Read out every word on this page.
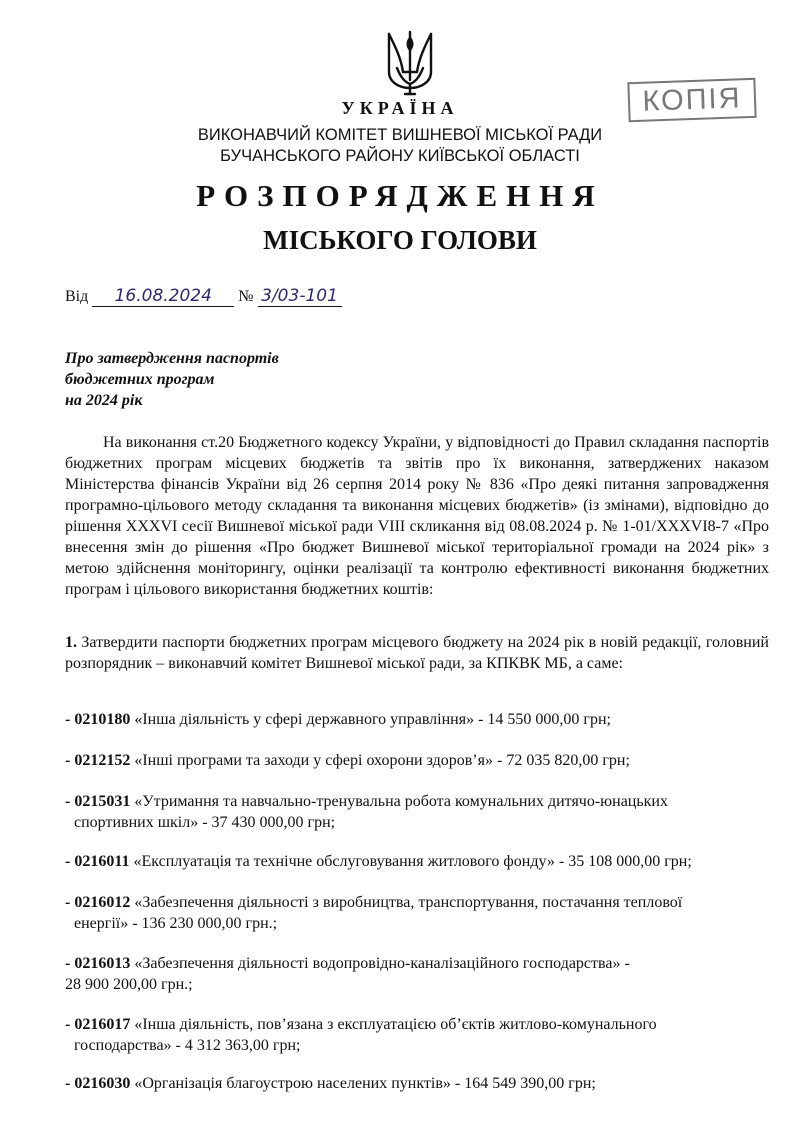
УКРАЇНА	КОПІЯ
ВИКОНАВЧИЙ КОМІТЕТ ВИШНЕВОЇ МІСЬКОЇ РАДИ
БУЧАНСЬКОГО РАЙОНУ КИЇВСЬКОЇ ОБЛАСТІ
РОЗПОРЯДЖЕННЯ
МІСЬКОГО ГОЛОВИ
Від 16.08.2024 № 3/03-101
Про затвердження паспортів
бюджетних програм
на 2024 рік

На виконання ст.20 Бюджетного кодексу України, у відповідності до Правил складання паспортів бюджетних програм місцевих бюджетів та звітів про їх виконання, затверджених наказом Міністерства фінансів України від 26 серпня 2014 року № 836 «Про деякі питання запровадження програмно-цільового методу складання та виконання місцевих бюджетів» (із змінами), відповідно до рішення XXXVI сесії Вишневої міської ради VIII скликання від 08.08.2024 р. № 1-01/XXXVI8-7 «Про внесення змін до рішення «Про бюджет Вишневої міської територіальної громади на 2024 рік» з метою здійснення моніторингу, оцінки реалізації та контролю ефективності виконання бюджетних програм і цільового використання бюджетних коштів:

1. Затвердити паспорти бюджетних програм місцевого бюджету на 2024 рік в новій редакції, головний розпорядник – виконавчий комітет Вишневої міської ради, за КПКВК МБ, а саме:

- 0210180 «Інша діяльність у сфері державного управління» - 14 550 000,00 грн;

- 0212152 «Інші програми та заходи у сфері охорони здоров’я» - 72 035 820,00 грн;

- 0215031 «Утримання та навчально-тренувальна робота комунальних дитячо-юнацьких
спортивних шкіл» - 37 430 000,00 грн;

- 0216011 «Експлуатація та технічне обслуговування житлового фонду» - 35 108 000,00 грн;

- 0216012 «Забезпечення діяльності з виробництва, транспортування, постачання теплової
енергії» - 136 230 000,00 грн.;

- 0216013 «Забезпечення діяльності водопровідно-каналізаційного господарства» -
28 900 200,00 грн.;

- 0216017 «Інша діяльність, пов’язана з експлуатацією об’єктів житлово-комунального
господарства» - 4 312 363,00 грн;

- 0216030 «Організація благоустрою населених пунктів» - 164 549 390,00 грн;
